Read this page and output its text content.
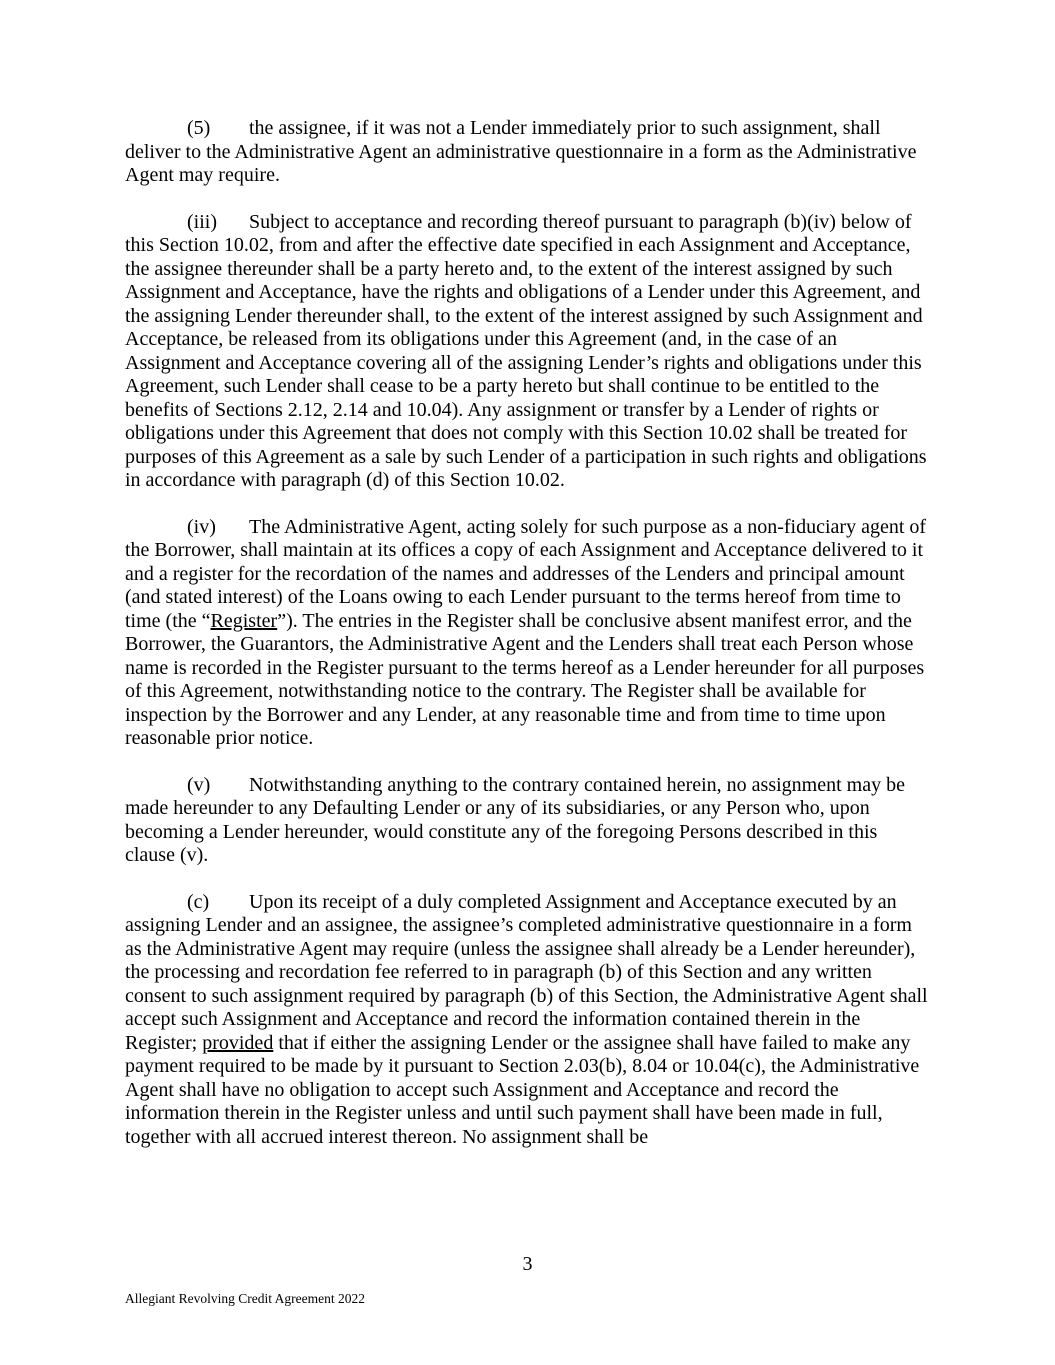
(5) the assignee, if it was not a Lender immediately prior to such assignment, shall deliver to the Administrative Agent an administrative questionnaire in a form as the Administrative Agent may require.

(iii) Subject to acceptance and recording thereof pursuant to paragraph (b)(iv) below of this Section 10.02, from and after the effective date specified in each Assignment and Acceptance, the assignee thereunder shall be a party hereto and, to the extent of the interest assigned by such Assignment and Acceptance, have the rights and obligations of a Lender under this Agreement, and the assigning Lender thereunder shall, to the extent of the interest assigned by such Assignment and Acceptance, be released from its obligations under this Agreement (and, in the case of an Assignment and Acceptance covering all of the assigning Lender’s rights and obligations under this Agreement, such Lender shall cease to be a party hereto but shall continue to be entitled to the benefits of Sections 2.12, 2.14 and 10.04). Any assignment or transfer by a Lender of rights or obligations under this Agreement that does not comply with this Section 10.02 shall be treated for purposes of this Agreement as a sale by such Lender of a participation in such rights and obligations in accordance with paragraph (d) of this Section 10.02.

(iv) The Administrative Agent, acting solely for such purpose as a non-fiduciary agent of the Borrower, shall maintain at its offices a copy of each Assignment and Acceptance delivered to it and a register for the recordation of the names and addresses of the Lenders and principal amount (and stated interest) of the Loans owing to each Lender pursuant to the terms hereof from time to time (the “Register”). The entries in the Register shall be conclusive absent manifest error, and the Borrower, the Guarantors, the Administrative Agent and the Lenders shall treat each Person whose name is recorded in the Register pursuant to the terms hereof as a Lender hereunder for all purposes of this Agreement, notwithstanding notice to the contrary. The Register shall be available for inspection by the Borrower and any Lender, at any reasonable time and from time to time upon reasonable prior notice.

(v) Notwithstanding anything to the contrary contained herein, no assignment may be made hereunder to any Defaulting Lender or any of its subsidiaries, or any Person who, upon becoming a Lender hereunder, would constitute any of the foregoing Persons described in this clause (v).

(c) Upon its receipt of a duly completed Assignment and Acceptance executed by an assigning Lender and an assignee, the assignee’s completed administrative questionnaire in a form as the Administrative Agent may require (unless the assignee shall already be a Lender hereunder), the processing and recordation fee referred to in paragraph (b) of this Section and any written consent to such assignment required by paragraph (b) of this Section, the Administrative Agent shall accept such Assignment and Acceptance and record the information contained therein in the Register; provided that if either the assigning Lender or the assignee shall have failed to make any payment required to be made by it pursuant to Section 2.03(b), 8.04 or 10.04(c), the Administrative Agent shall have no obligation to accept such Assignment and Acceptance and record the information therein in the Register unless and until such payment shall have been made in full, together with all accrued interest thereon. No assignment shall be

3
Allegiant Revolving Credit Agreement 2022
